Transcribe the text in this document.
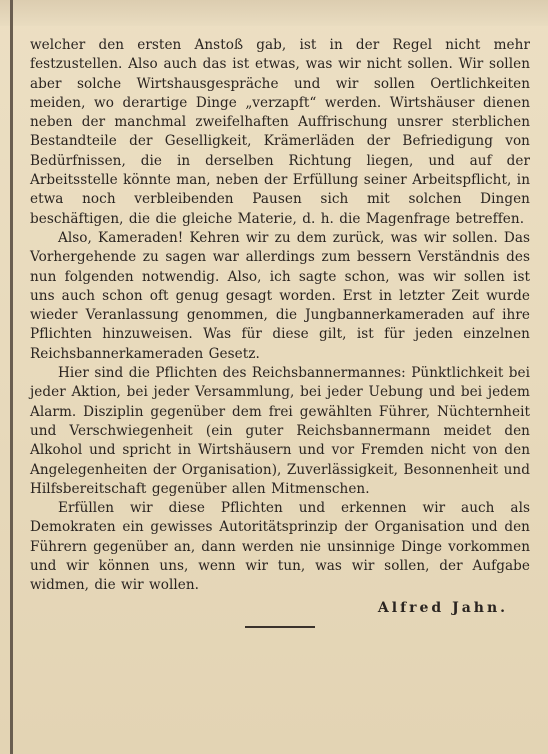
welcher den ersten Anstoß gab, ist in der Regel nicht mehr festzustellen. Also auch das ist etwas, was wir nicht sollen. Wir sollen aber solche Wirtshausgespräche und wir sollen Oertlichkeiten meiden, wo derartige Dinge „verzapft“ werden. Wirtshäuser dienen neben der manchmal zweifelhaften Auffrischung unsrer sterblichen Bestandteile der Geselligkeit, Krämerläden der Befriedigung von Bedürfnissen, die in derselben Richtung liegen, und auf der Arbeitsstelle könnte man, neben der Erfüllung seiner Arbeitspflicht, in etwa noch verbleibenden Pausen sich mit solchen Dingen beschäftigen, die die gleiche Materie, d. h. die Magenfrage betreffen.

Also, Kameraden! Kehren wir zu dem zurück, was wir sollen. Das Vorhergehende zu sagen war allerdings zum bessern Verständnis des nun folgenden notwendig. Also, ich sagte schon, was wir sollen ist uns auch schon oft genug gesagt worden. Erst in letzter Zeit wurde wieder Veranlassung genommen, die Jungbannerkameraden auf ihre Pflichten hinzuweisen. Was für diese gilt, ist für jeden einzelnen Reichsbannerkameraden Gesetz.

Hier sind die Pflichten des Reichsbannermannes: Pünktlichkeit bei jeder Aktion, bei jeder Versammlung, bei jeder Uebung und bei jedem Alarm. Disziplin gegenüber dem frei gewählten Führer, Nüchternheit und Verschwiegenheit (ein guter Reichsbannermann meidet den Alkohol und spricht in Wirtshäusern und vor Fremden nicht von den Angelegenheiten der Organisation), Zuverlässigkeit, Besonnenheit und Hilfsbereitschaft gegenüber allen Mitmenschen.

Erfüllen wir diese Pflichten und erkennen wir auch als Demokraten ein gewisses Autoritätsprinzip der Organisation und den Führern gegenüber an, dann werden nie unsinnige Dinge vorkommen und wir können uns, wenn wir tun, was wir sollen, der Aufgabe widmen, die wir wollen.

Alfred Jahn.
